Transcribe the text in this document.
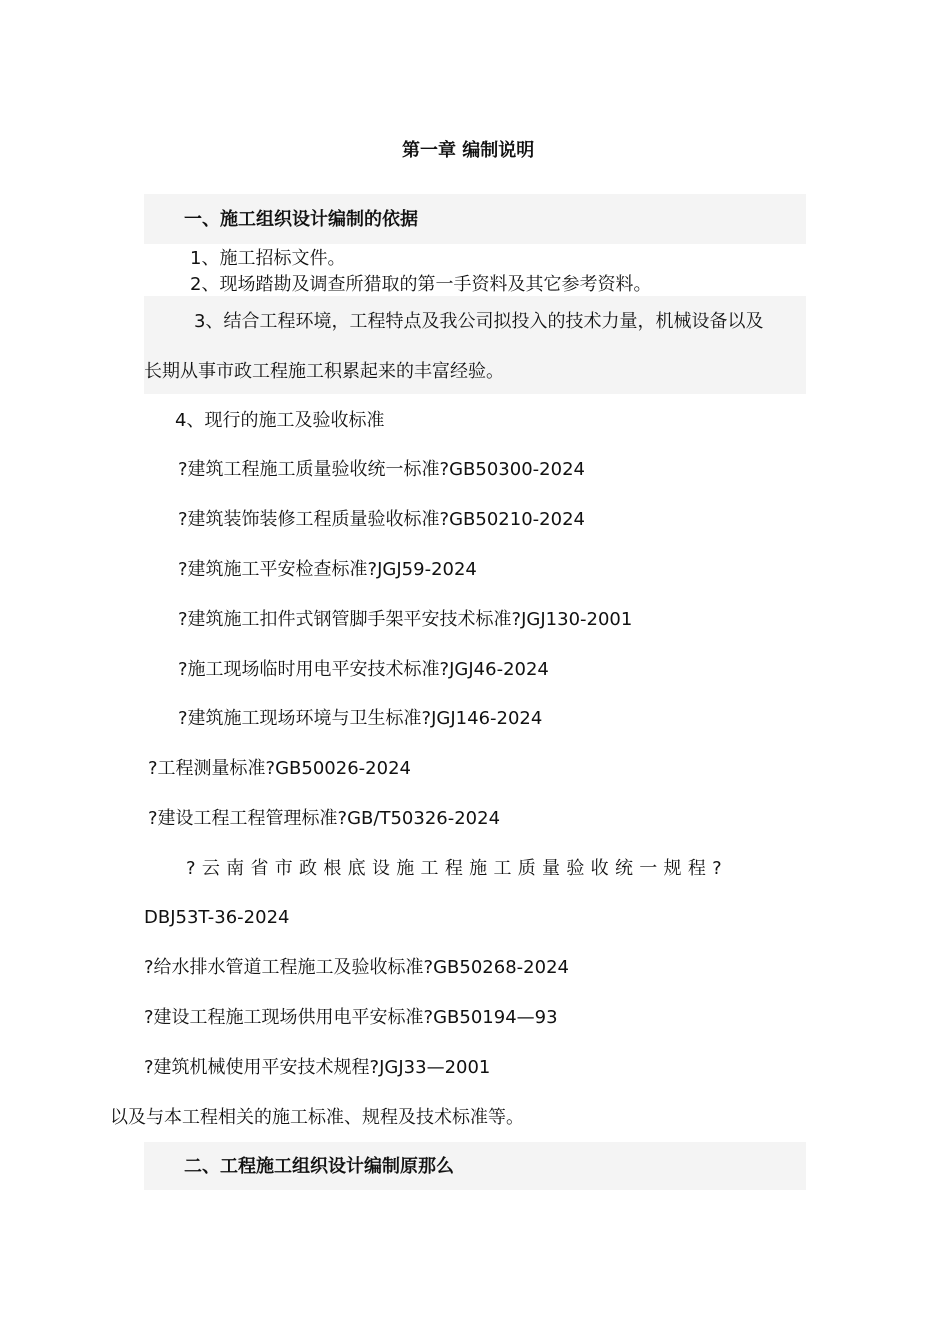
第一章 编制说明
一、施工组织设计编制的依据
1、施工招标文件。
2、现场踏勘及调查所猎取的第一手资料及其它参考资料。
3、结合工程环境，工程特点及我公司拟投入的技术力量，机械设备以及
长期从事市政工程施工积累起来的丰富经验。
4、现行的施工及验收标准
?建筑工程施工质量验收统一标准?GB50300-2024
?建筑装饰装修工程质量验收标准?GB50210-2024
?建筑施工平安检查标准?JGJ59-2024
?建筑施工扣件式钢管脚手架平安技术标准?JGJ130-2001
?施工现场临时用电平安技术标准?JGJ46-2024
?建筑施工现场环境与卫生标准?JGJ146-2024
?工程测量标准?GB50026-2024
?建设工程工程管理标准?GB/T50326-2024
?云南省市政根底设施工程施工质量验收统一规程?
DBJ53T-36-2024
?给水排水管道工程施工及验收标准?GB50268-2024
?建设工程施工现场供用电平安标准?GB50194—93
?建筑机械使用平安技术规程?JGJ33—2001
以及与本工程相关的施工标准、规程及技术标准等。
二、工程施工组织设计编制原那么
